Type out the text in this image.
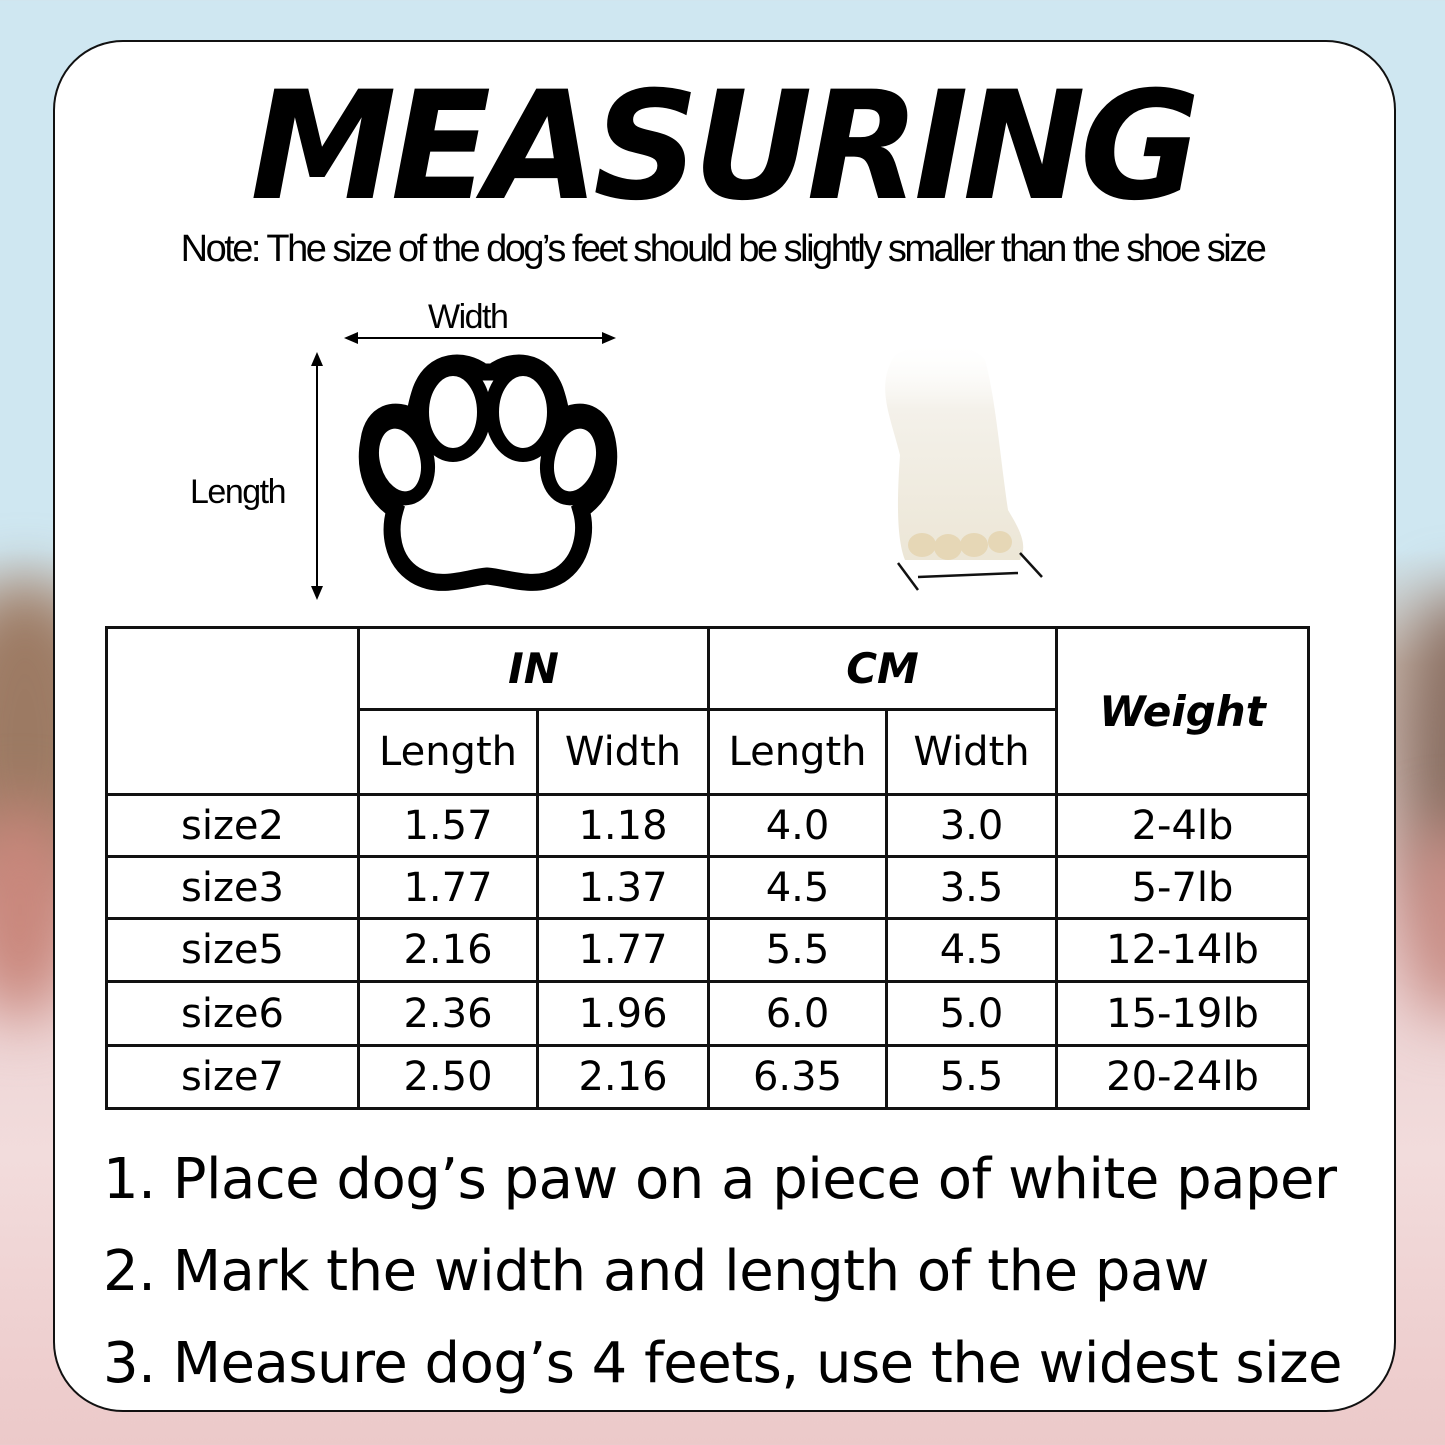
MEASURING
Note: The size of the dog’s feet should be slightly smaller than the shoe size
Width
Length
	IN		CM		Weight
	Length	Width	Length	Width	
size2	1.57	1.18	4.0	3.0	2-4lb
size3	1.77	1.37	4.5	3.5	5-7lb
size5	2.16	1.77	5.5	4.5	12-14lb
size6	2.36	1.96	6.0	5.0	15-19lb
size7	2.50	2.16	6.35	5.5	20-24lb
1. Place dog’s paw on a piece of white paper
2. Mark the width and length of the paw
3. Measure dog’s 4 feets, use the widest size
